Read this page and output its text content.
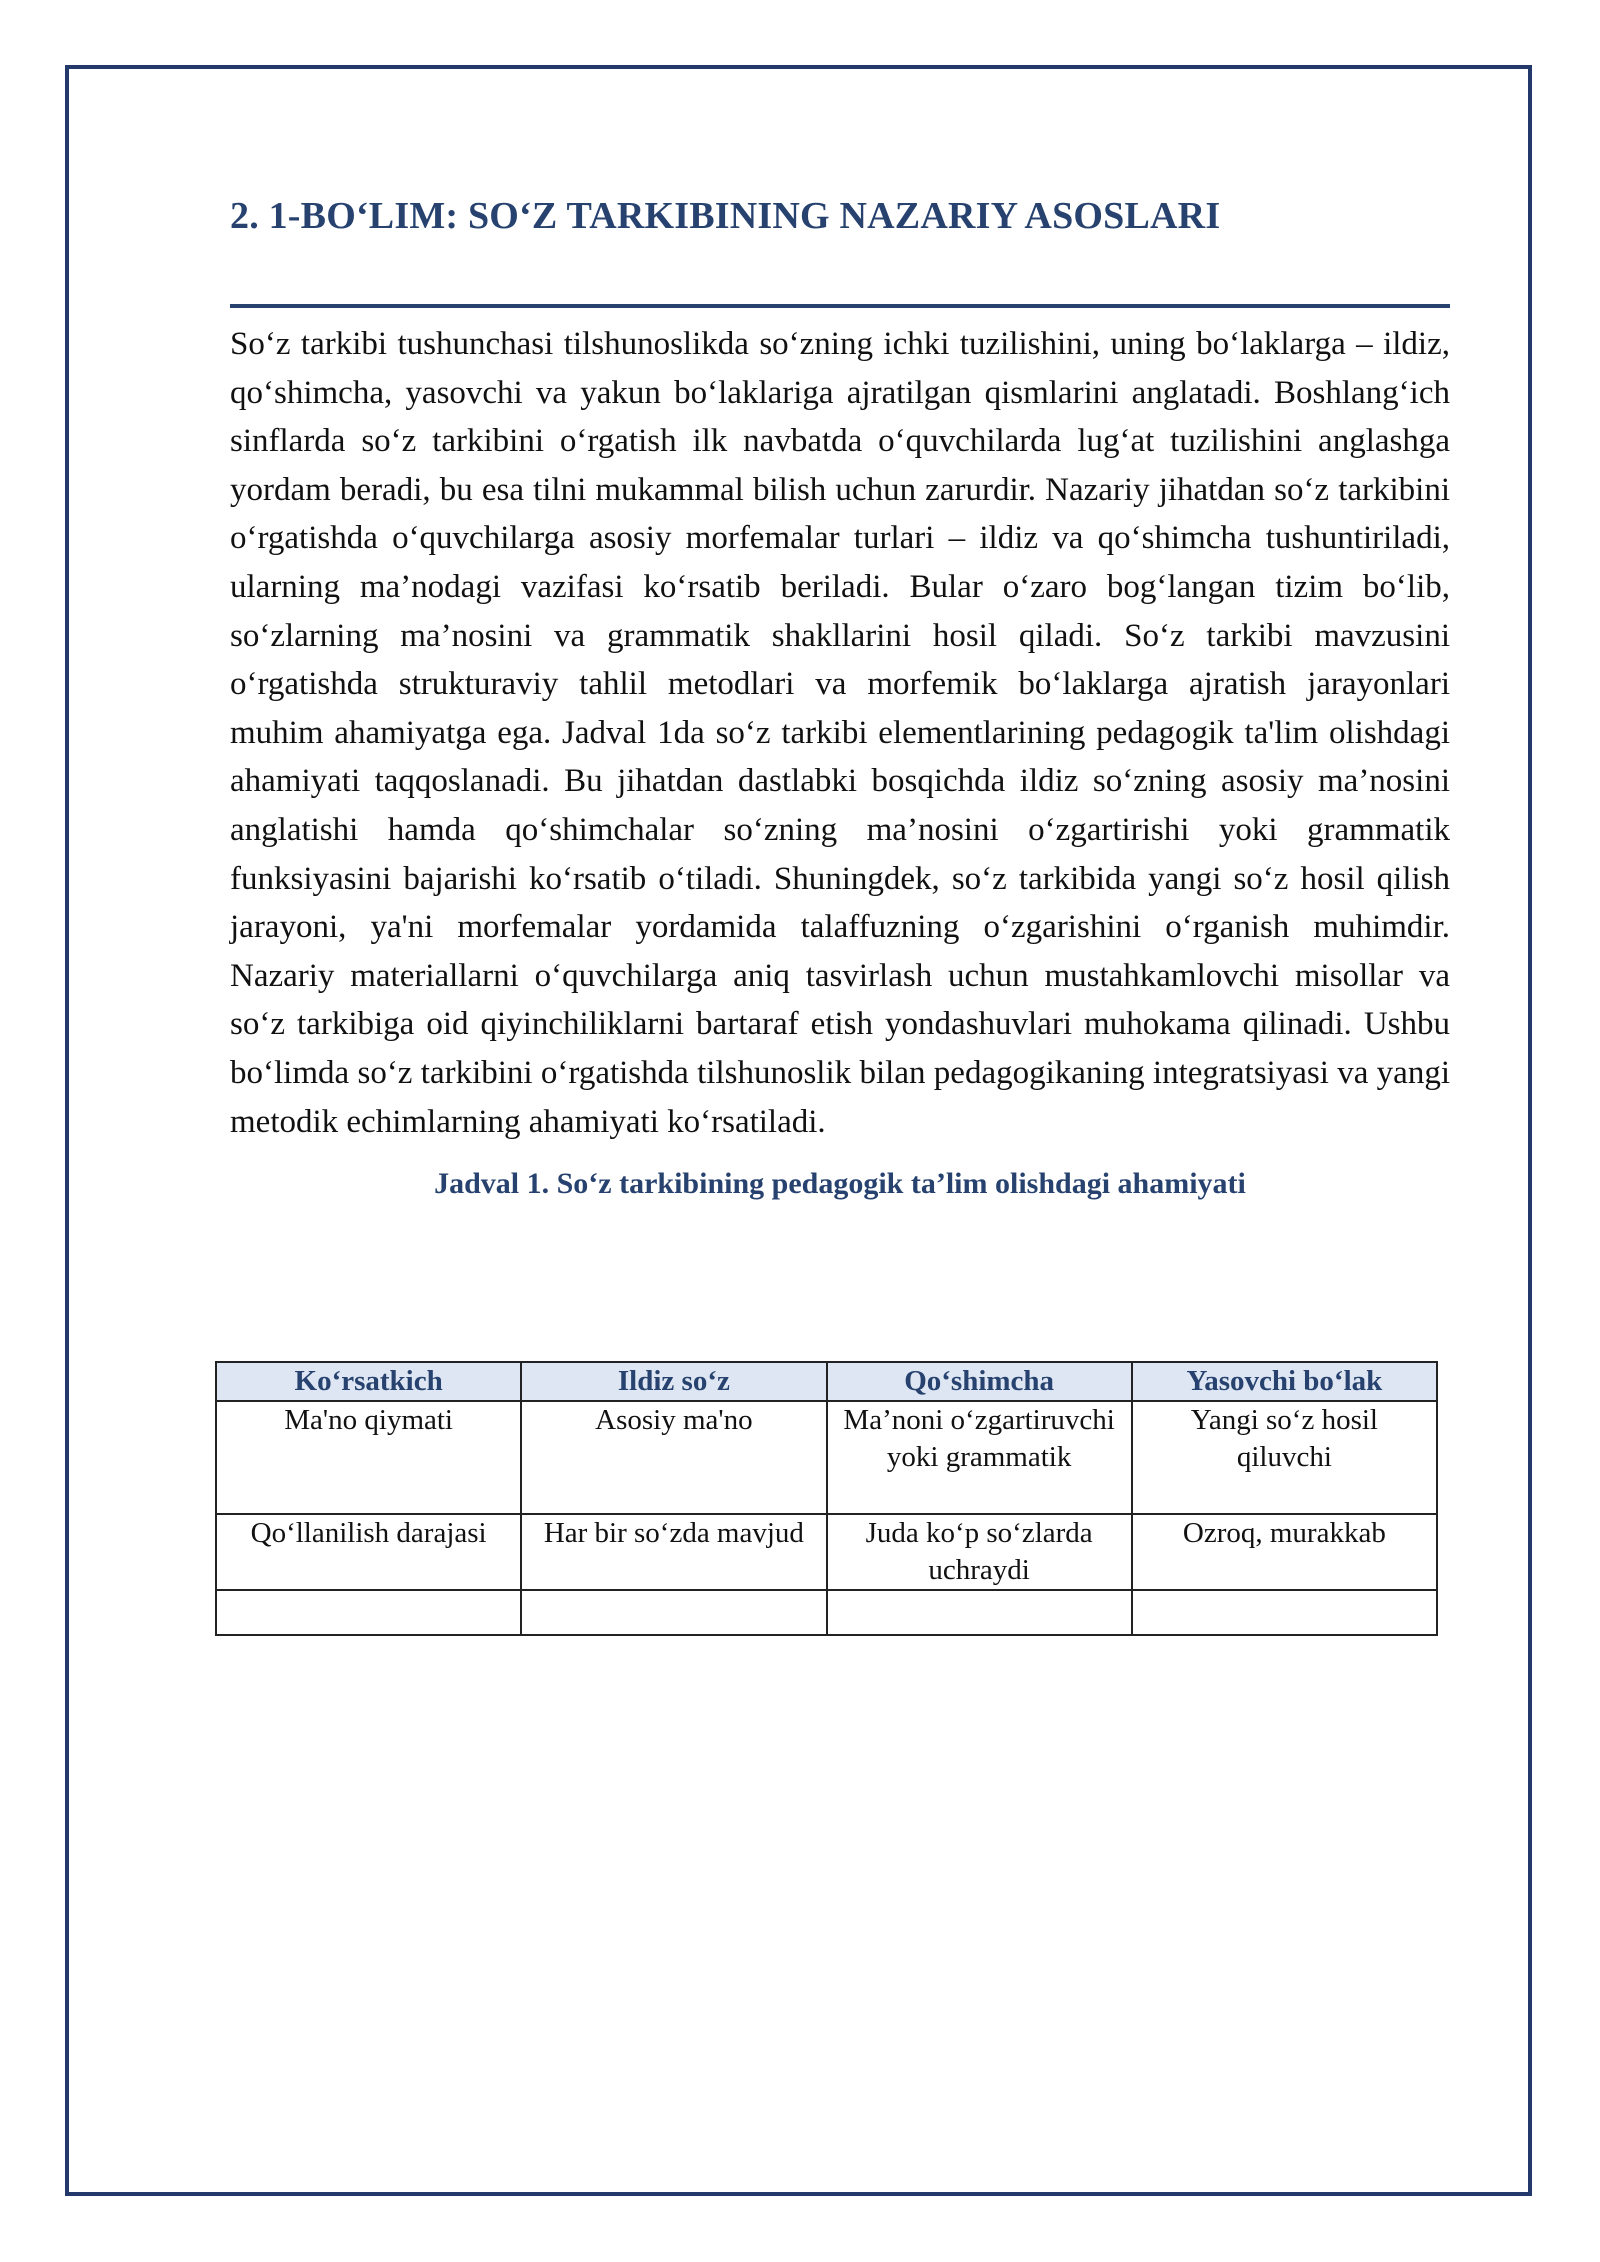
2. 1-BO‘LIM: SO‘Z TARKIBINING NAZARIY ASOSLARI

So‘z tarkibi tushunchasi tilshunoslikda so‘zning ichki tuzilishini, uning bo‘laklarga – ildiz, qo‘shimcha, yasovchi va yakun bo‘laklariga ajratilgan qismlarini anglatadi. Boshlang‘ich sinflarda so‘z tarkibini o‘rgatish ilk navbatda o‘quvchilarda lug‘at tuzilishini anglashga yordam beradi, bu esa tilni mukammal bilish uchun zarurdir. Nazariy jihatdan so‘z tarkibini o‘rgatishda o‘quvchilarga asosiy morfemalar turlari – ildiz va qo‘shimcha tushuntiriladi, ularning ma’nodagi vazifasi ko‘rsatib beriladi. Bular o‘zaro bog‘langan tizim bo‘lib, so‘zlarning ma’nosini va grammatik shakllarini hosil qiladi. So‘z tarkibi mavzusini o‘rgatishda strukturaviy tahlil metodlari va morfemik bo‘laklarga ajratish jarayonlari muhim ahamiyatga ega. Jadval 1da so‘z tarkibi elementlarining pedagogik ta'lim olishdagi ahamiyati taqqoslanadi. Bu jihatdan dastlabki bosqichda ildiz so‘zning asosiy ma’nosini anglatishi hamda qo‘shimchalar so‘zning ma’nosini o‘zgartirishi yoki grammatik funksiyasini bajarishi ko‘rsatib o‘tiladi. Shuningdek, so‘z tarkibida yangi so‘z hosil qilish jarayoni, ya'ni morfemalar yordamida talaffuzning o‘zgarishini o‘rganish muhimdir. Nazariy materiallarni o‘quvchilarga aniq tasvirlash uchun mustahkamlovchi misollar va so‘z tarkibiga oid qiyinchiliklarni bartaraf etish yondashuvlari muhokama qilinadi. Ushbu bo‘limda so‘z tarkibini o‘rgatishda tilshunoslik bilan pedagogikaning integratsiyasi va yangi metodik echimlarning ahamiyati ko‘rsatiladi.

Jadval 1. So‘z tarkibining pedagogik ta’lim olishdagi ahamiyati
Ko‘rsatkich	Ildiz so‘z	Qo‘shimcha	Yasovchi bo‘lak
Ma'no qiymati	Asosiy ma'no	Ma’noni o‘zgartiruvchi yoki grammatik	Yangi so‘z hosil qiluvchi
Qo‘llanilish darajasi	Har bir so‘zda mavjud	Juda ko‘p so‘zlarda uchraydi	Ozroq, murakkab
